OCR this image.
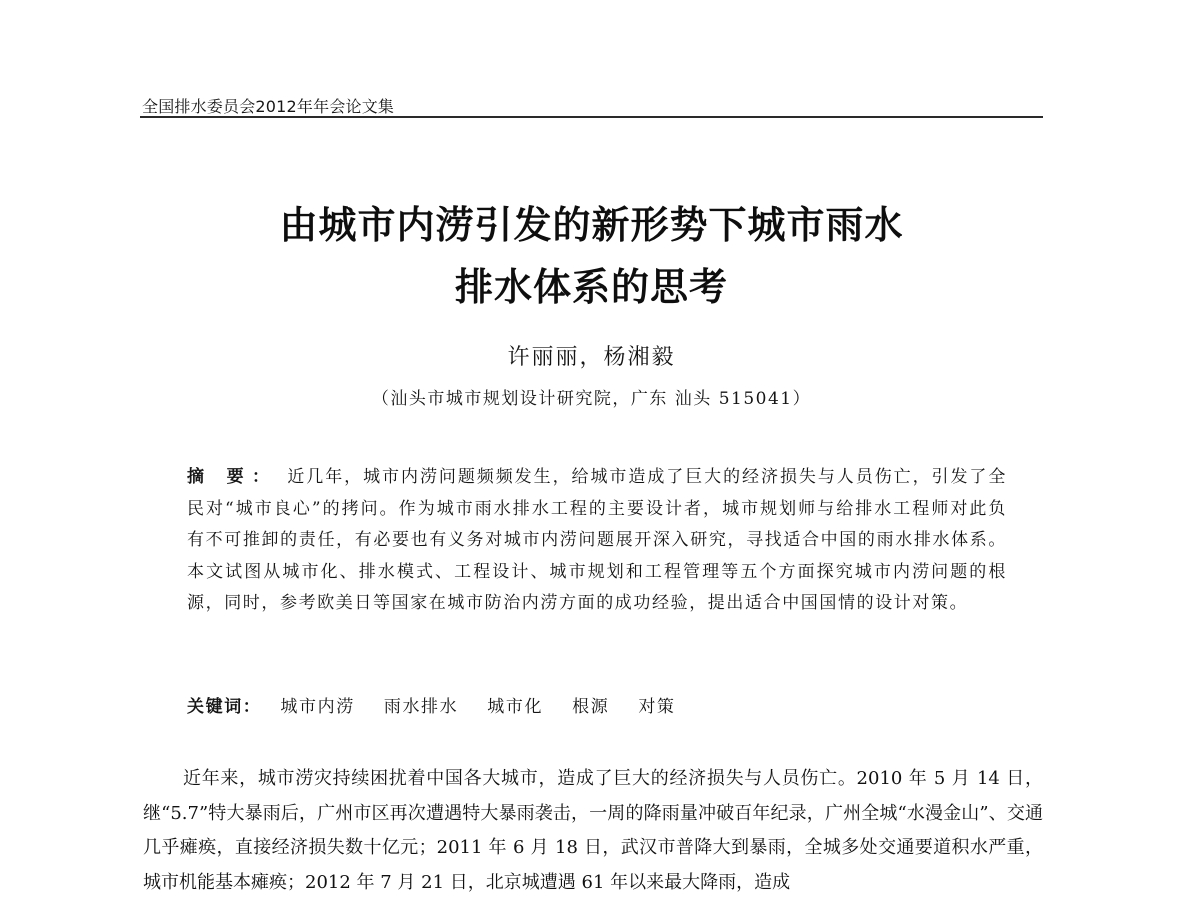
全国排水委员会2012年年会论文集
由城市内涝引发的新形势下城市雨水
排水体系的思考
许丽丽，杨湘毅
（汕头市城市规划设计研究院，广东 汕头 515041）
摘 要： 近几年，城市内涝问题频频发生，给城市造成了巨大的经济损失与人员伤亡，引发了全民对“城市良心”的拷问。作为城市雨水排水工程的主要设计者，城市规划师与给排水工程师对此负有不可推卸的责任，有必要也有义务对城市内涝问题展开深入研究，寻找适合中国的雨水排水体系。本文试图从城市化、排水模式、工程设计、城市规划和工程管理等五个方面探究城市内涝问题的根源，同时，参考欧美日等国家在城市防治内涝方面的成功经验，提出适合中国国情的设计对策。
关键词： 城市内涝 雨水排水 城市化 根源 对策
近年来，城市涝灾持续困扰着中国各大城市，造成了巨大的经济损失与人员伤亡。2010 年 5 月 14 日，继“5.7”特大暴雨后，广州市区再次遭遇特大暴雨袭击，一周的降雨量冲破百年纪录，广州全城“水漫金山”、交通几乎瘫痪，直接经济损失数十亿元；2011 年 6 月 18 日，武汉市普降大到暴雨，全城多处交通要道积水严重，城市机能基本瘫痪；2012 年 7 月 21 日，北京城遭遇 61 年以来最大降雨，造成
